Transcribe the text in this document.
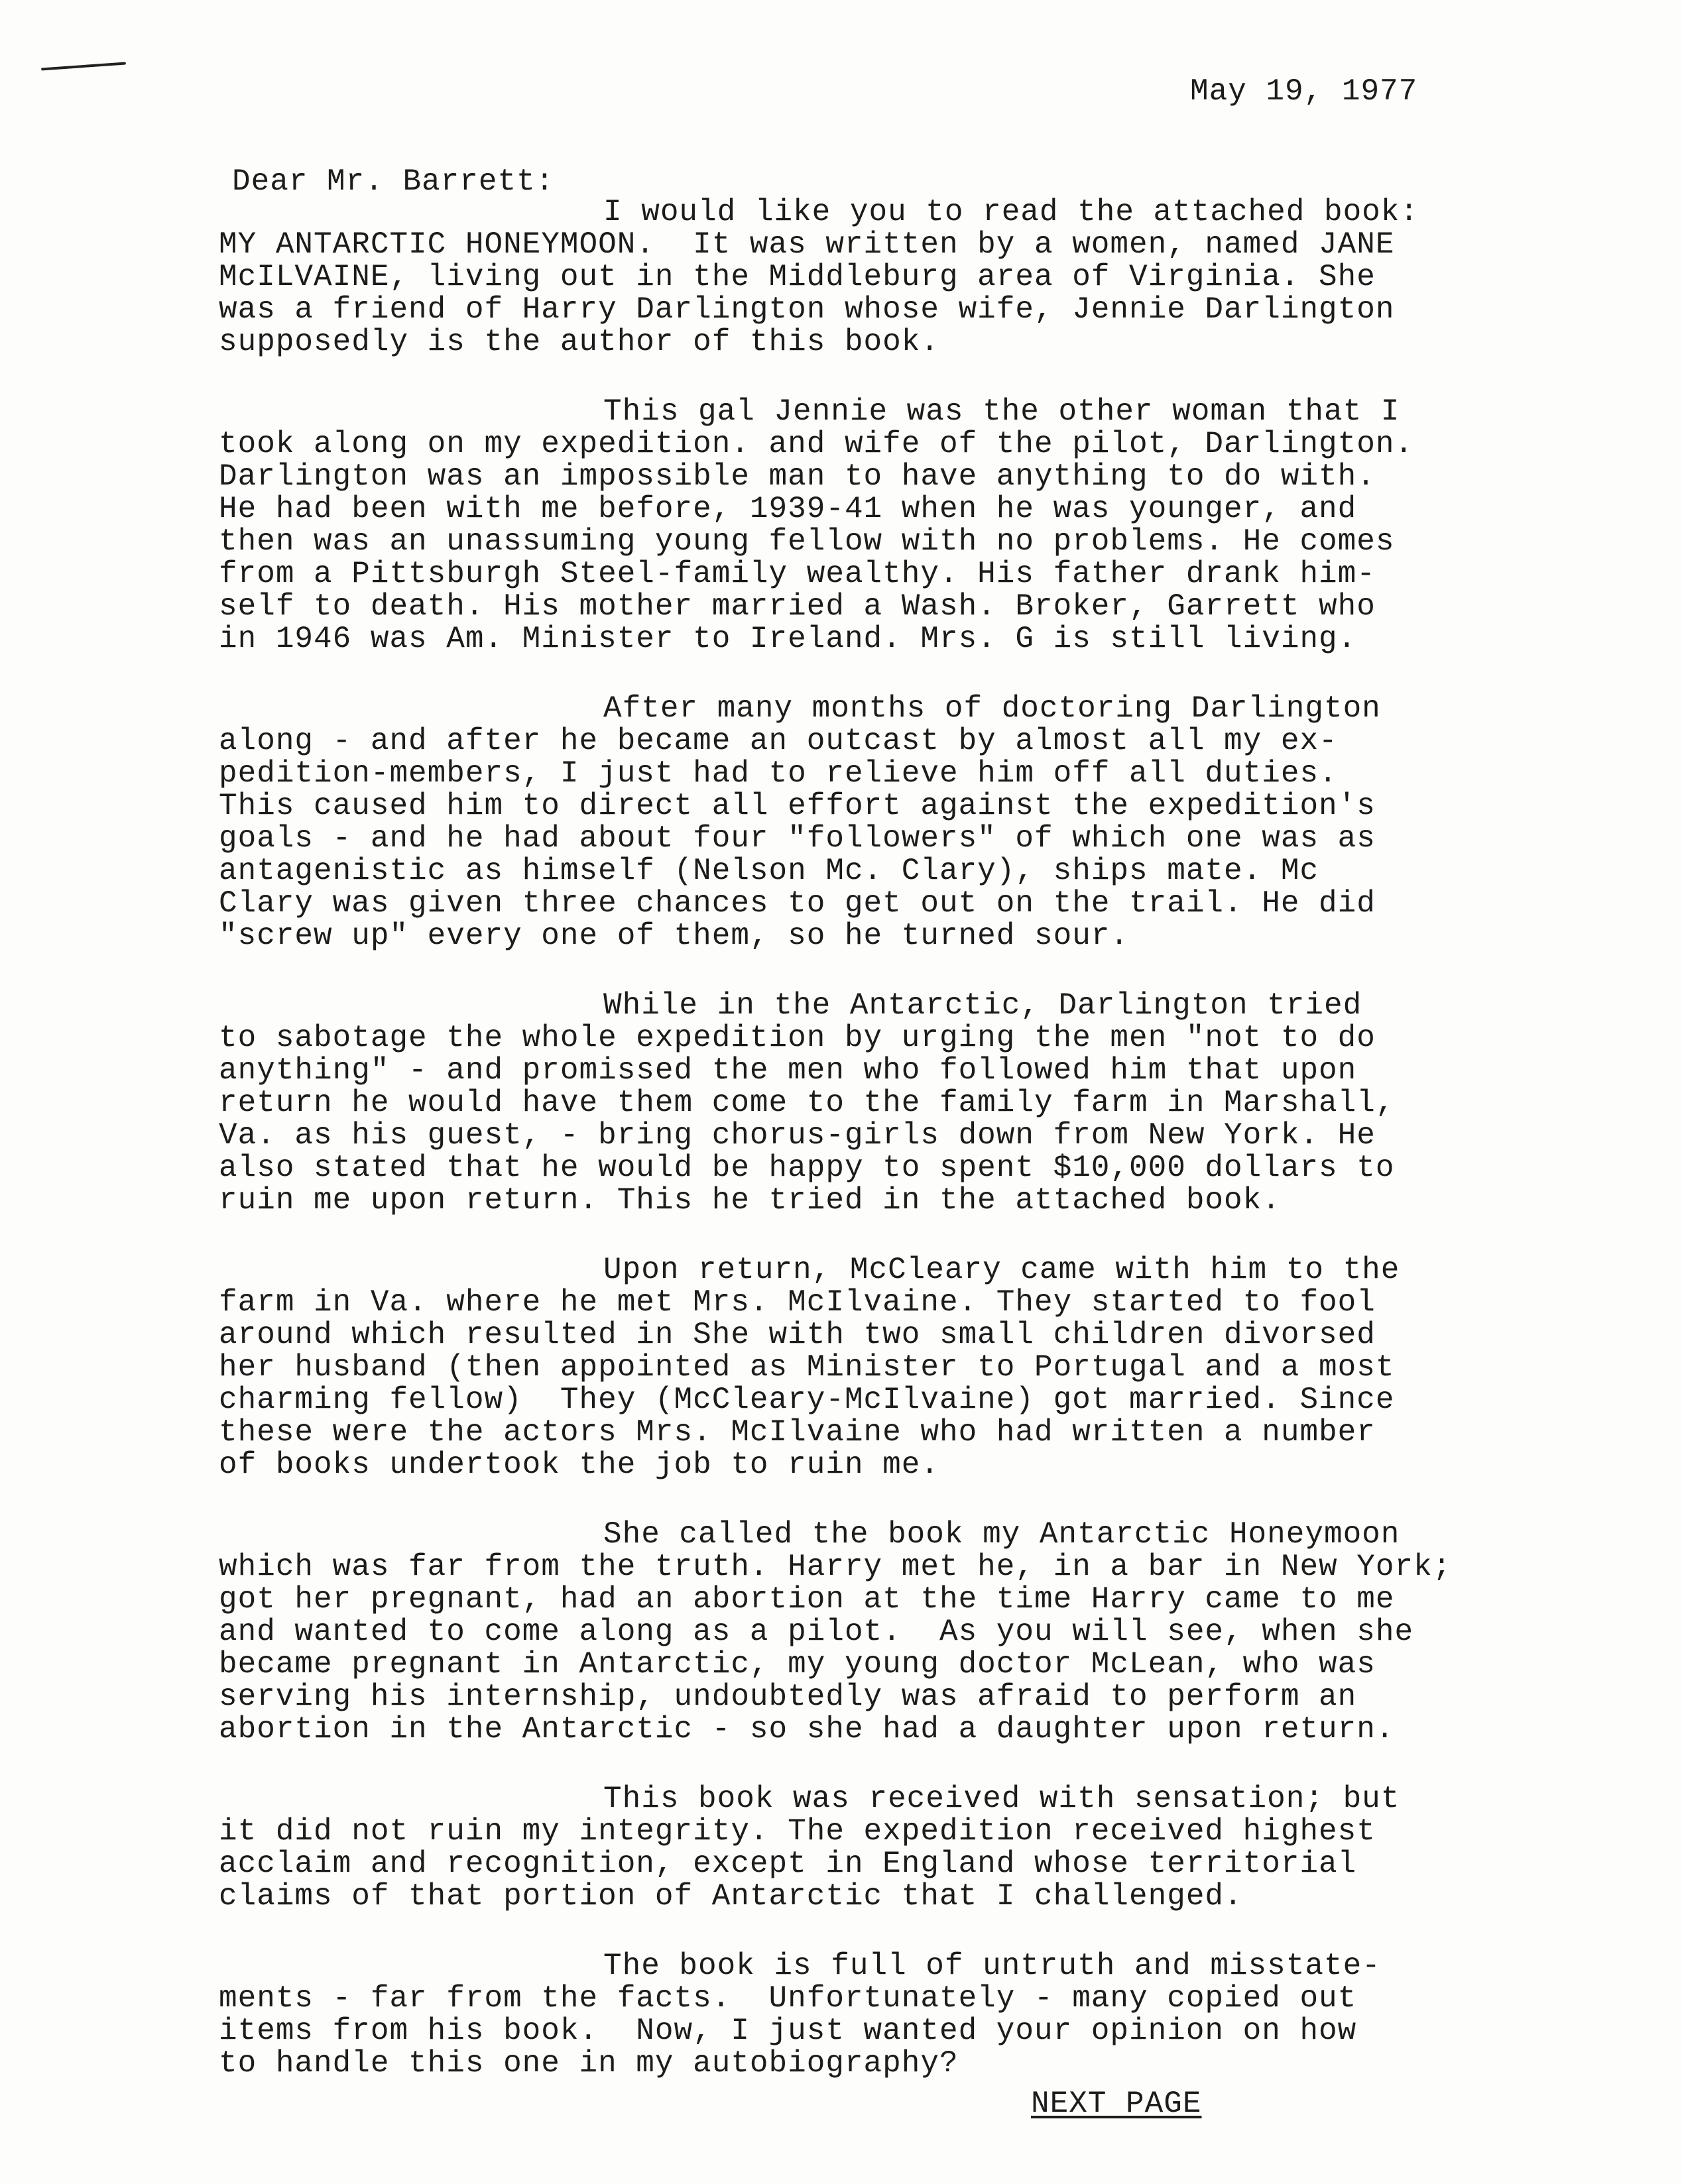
May 19, 1977
Dear Mr. Barrett:
I would like you to read the attached book:
MY ANTARCTIC HONEYMOON.  It was written by a women, named JANE
McILVAINE, living out in the Middleburg area of Virginia. She
was a friend of Harry Darlington whose wife, Jennie Darlington
supposedly is the author of this book.
This gal Jennie was the other woman that I
took along on my expedition. and wife of the pilot, Darlington.
Darlington was an impossible man to have anything to do with.
He had been with me before, 1939-41 when he was younger, and
then was an unassuming young fellow with no problems. He comes
from a Pittsburgh Steel-family wealthy. His father drank him-
self to death. His mother married a Wash. Broker, Garrett who
in 1946 was Am. Minister to Ireland. Mrs. G is still living.
After many months of doctoring Darlington
along - and after he became an outcast by almost all my ex-
pedition-members, I just had to relieve him off all duties.
This caused him to direct all effort against the expedition's
goals - and he had about four "followers" of which one was as
antagenistic as himself (Nelson Mc. Clary), ships mate. Mc
Clary was given three chances to get out on the trail. He did
"screw up" every one of them, so he turned sour.
While in the Antarctic, Darlington tried
to sabotage the whole expedition by urging the men "not to do
anything" - and promissed the men who followed him that upon
return he would have them come to the family farm in Marshall,
Va. as his guest, - bring chorus-girls down from New York. He
also stated that he would be happy to spent $10,000 dollars to
ruin me upon return. This he tried in the attached book.
Upon return, McCleary came with him to the
farm in Va. where he met Mrs. McIlvaine. They started to fool
around which resulted in She with two small children divorsed
her husband (then appointed as Minister to Portugal and a most
charming fellow)  They (McCleary-McIlvaine) got married. Since
these were the actors Mrs. McIlvaine who had written a number
of books undertook the job to ruin me.
She called the book my Antarctic Honeymoon
which was far from the truth. Harry met he, in a bar in New York;
got her pregnant, had an abortion at the time Harry came to me
and wanted to come along as a pilot.  As you will see, when she
became pregnant in Antarctic, my young doctor McLean, who was
serving his internship, undoubtedly was afraid to perform an
abortion in the Antarctic - so she had a daughter upon return.
This book was received with sensation; but
it did not ruin my integrity. The expedition received highest
acclaim and recognition, except in England whose territorial
claims of that portion of Antarctic that I challenged.
The book is full of untruth and misstate-
ments - far from the facts.  Unfortunately - many copied out
items from his book.  Now, I just wanted your opinion on how
to handle this one in my autobiography?
NEXT PAGE
